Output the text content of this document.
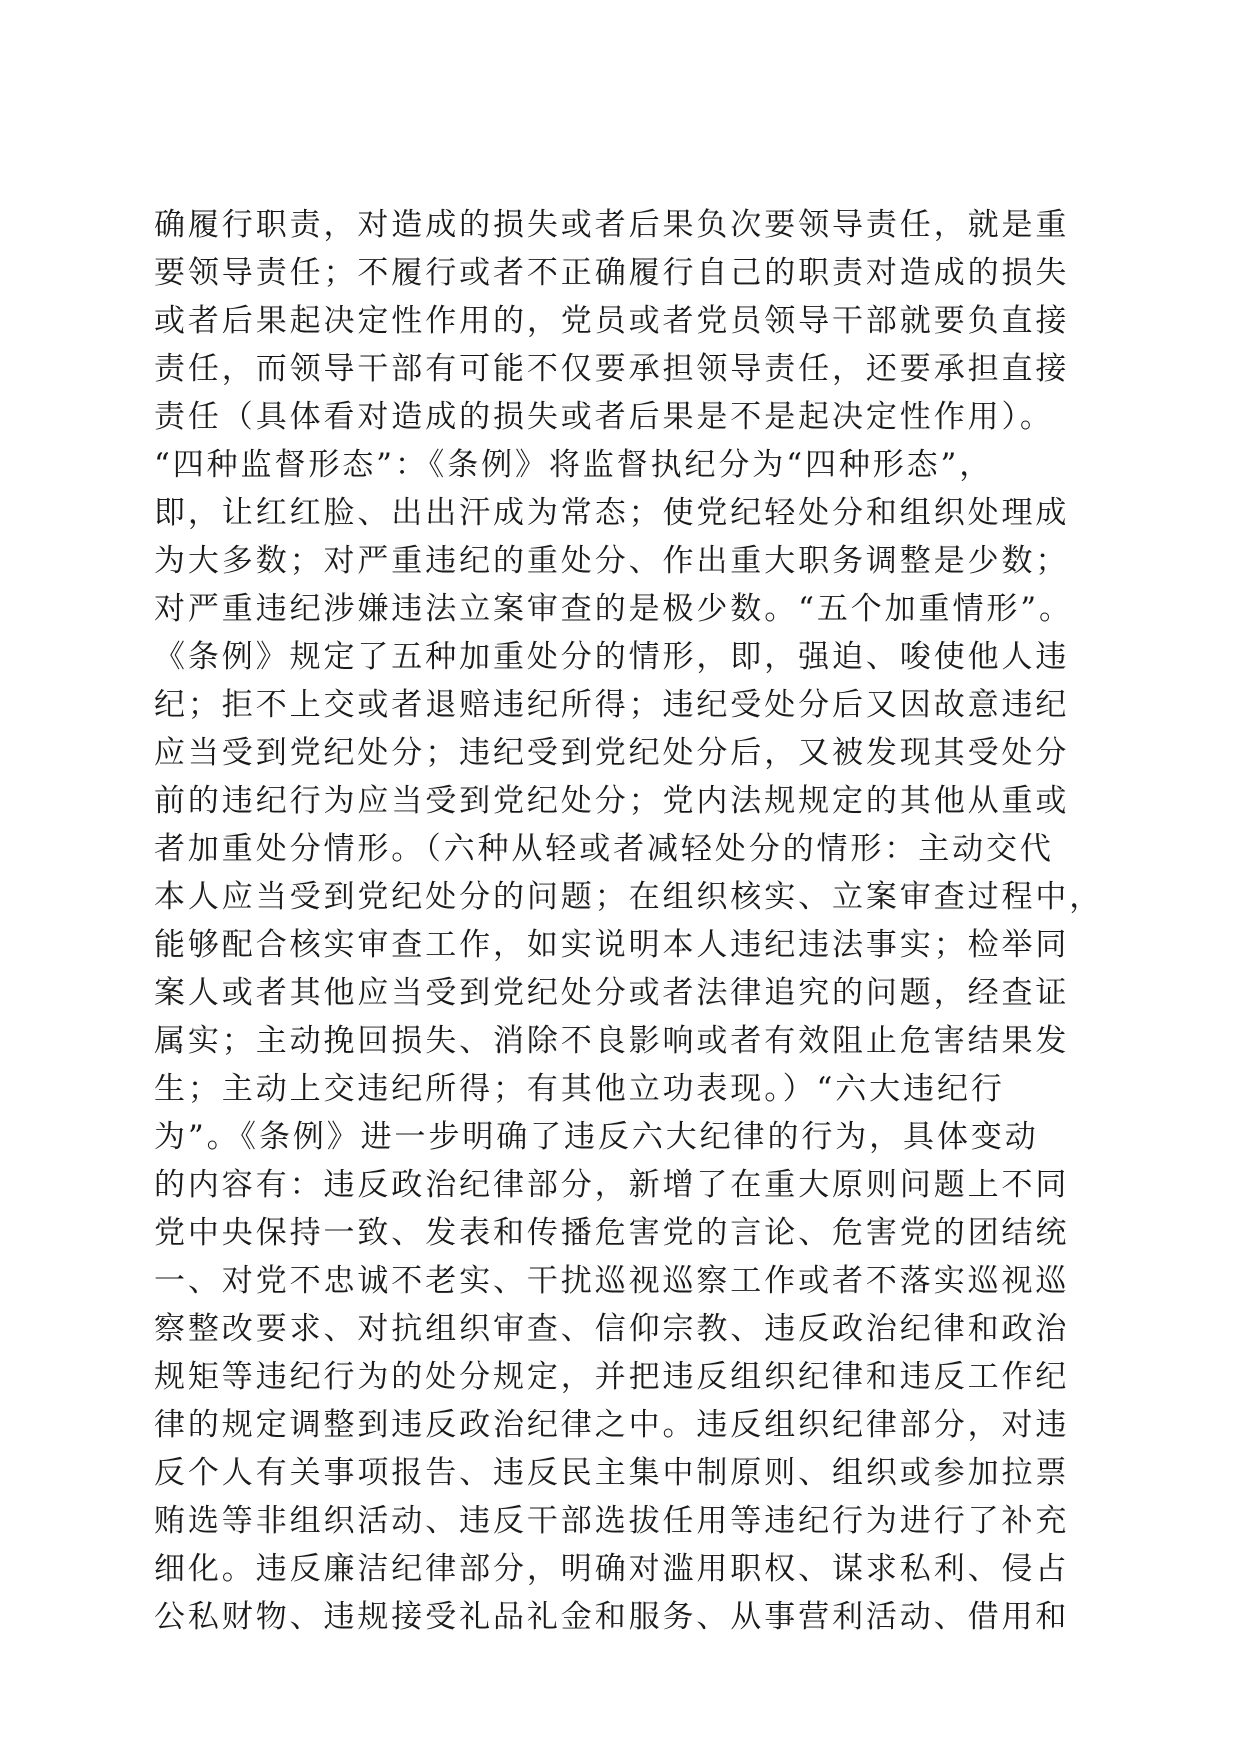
确履行职责，对造成的损失或者后果负次要领导责任，就是重
要领导责任；不履行或者不正确履行自己的职责对造成的损失
或者后果起决定性作用的，党员或者党员领导干部就要负直接
责任，而领导干部有可能不仅要承担领导责任，还要承担直接
责任（具体看对造成的损失或者后果是不是起决定性作用）。
“四种监督形态”：《条例》将监督执纪分为“四种形态”，
即，让红红脸、出出汗成为常态；使党纪轻处分和组织处理成
为大多数；对严重违纪的重处分、作出重大职务调整是少数；
对严重违纪涉嫌违法立案审查的是极少数。“五个加重情形”。
《条例》规定了五种加重处分的情形，即，强迫、唆使他人违
纪；拒不上交或者退赔违纪所得；违纪受处分后又因故意违纪
应当受到党纪处分；违纪受到党纪处分后，又被发现其受处分
前的违纪行为应当受到党纪处分；党内法规规定的其他从重或
者加重处分情形。（六种从轻或者减轻处分的情形：主动交代
本人应当受到党纪处分的问题；在组织核实、立案审查过程中，
能够配合核实审查工作，如实说明本人违纪违法事实；检举同
案人或者其他应当受到党纪处分或者法律追究的问题，经查证
属实；主动挽回损失、消除不良影响或者有效阻止危害结果发
生；主动上交违纪所得；有其他立功表现。）“六大违纪行
为”。《条例》进一步明确了违反六大纪律的行为，具体变动
的内容有：违反政治纪律部分，新增了在重大原则问题上不同
党中央保持一致、发表和传播危害党的言论、危害党的团结统
一、对党不忠诚不老实、干扰巡视巡察工作或者不落实巡视巡
察整改要求、对抗组织审查、信仰宗教、违反政治纪律和政治
规矩等违纪行为的处分规定，并把违反组织纪律和违反工作纪
律的规定调整到违反政治纪律之中。违反组织纪律部分，对违
反个人有关事项报告、违反民主集中制原则、组织或参加拉票
贿选等非组织活动、违反干部选拔任用等违纪行为进行了补充
细化。违反廉洁纪律部分，明确对滥用职权、谋求私利、侵占
公私财物、违规接受礼品礼金和服务、从事营利活动、借用和
